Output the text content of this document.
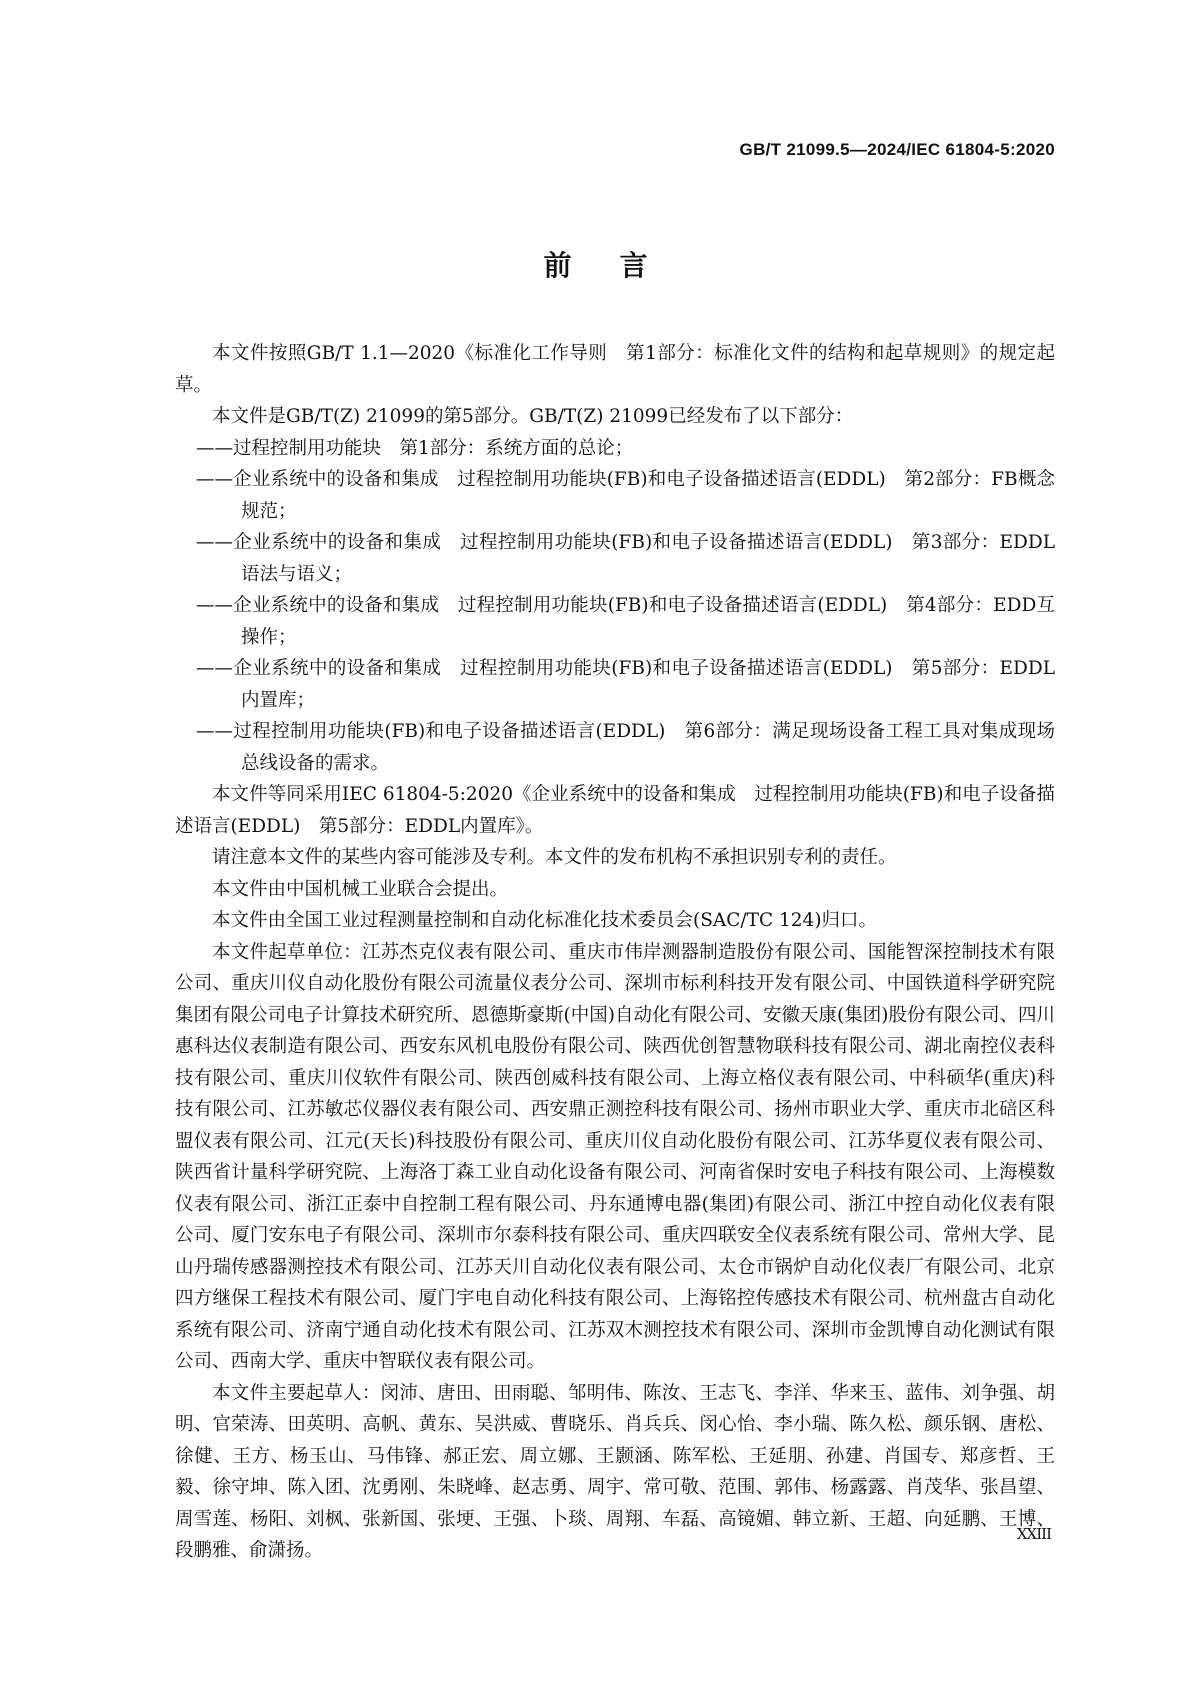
GB/T 21099.5—2024/IEC 61804-5:2020
前言

本文件按照GB/T 1.1—2020《标准化工作导则　第1部分：标准化文件的结构和起草规则》的规定起草。

本文件是GB/T(Z) 21099的第5部分。GB/T(Z) 21099已经发布了以下部分：

——过程控制用功能块　第1部分：系统方面的总论；

——企业系统中的设备和集成　过程控制用功能块(FB)和电子设备描述语言(EDDL)　第2部分：FB概念规范；

——企业系统中的设备和集成　过程控制用功能块(FB)和电子设备描述语言(EDDL)　第3部分：EDDL语法与语义；

——企业系统中的设备和集成　过程控制用功能块(FB)和电子设备描述语言(EDDL)　第4部分：EDD互操作；

——企业系统中的设备和集成　过程控制用功能块(FB)和电子设备描述语言(EDDL)　第5部分：EDDL内置库；

——过程控制用功能块(FB)和电子设备描述语言(EDDL)　第6部分：满足现场设备工程工具对集成现场总线设备的需求。

本文件等同采用IEC 61804-5:2020《企业系统中的设备和集成　过程控制用功能块(FB)和电子设备描述语言(EDDL)　第5部分：EDDL内置库》。

请注意本文件的某些内容可能涉及专利。本文件的发布机构不承担识别专利的责任。

本文件由中国机械工业联合会提出。

本文件由全国工业过程测量控制和自动化标准化技术委员会(SAC/TC 124)归口。

本文件起草单位：江苏杰克仪表有限公司、重庆市伟岸测器制造股份有限公司、国能智深控制技术有限公司、重庆川仪自动化股份有限公司流量仪表分公司、深圳市标利科技开发有限公司、中国铁道科学研究院集团有限公司电子计算技术研究所、恩德斯豪斯(中国)自动化有限公司、安徽天康(集团)股份有限公司、四川惠科达仪表制造有限公司、西安东风机电股份有限公司、陕西优创智慧物联科技有限公司、湖北南控仪表科技有限公司、重庆川仪软件有限公司、陕西创威科技有限公司、上海立格仪表有限公司、中科硕华(重庆)科技有限公司、江苏敏芯仪器仪表有限公司、西安鼎正测控科技有限公司、扬州市职业大学、重庆市北碚区科盟仪表有限公司、江元(天长)科技股份有限公司、重庆川仪自动化股份有限公司、江苏华夏仪表有限公司、陕西省计量科学研究院、上海洛丁森工业自动化设备有限公司、河南省保时安电子科技有限公司、上海模数仪表有限公司、浙江正泰中自控制工程有限公司、丹东通博电器(集团)有限公司、浙江中控自动化仪表有限公司、厦门安东电子有限公司、深圳市尔泰科技有限公司、重庆四联安全仪表系统有限公司、常州大学、昆山丹瑞传感器测控技术有限公司、江苏天川自动化仪表有限公司、太仓市锅炉自动化仪表厂有限公司、北京四方继保工程技术有限公司、厦门宇电自动化科技有限公司、上海铭控传感技术有限公司、杭州盘古自动化系统有限公司、济南宁通自动化技术有限公司、江苏双木测控技术有限公司、深圳市金凯博自动化测试有限公司、西南大学、重庆中智联仪表有限公司。

本文件主要起草人：闵沛、唐田、田雨聪、邹明伟、陈汝、王志飞、李洋、华来玉、蓝伟、刘争强、胡明、官荣涛、田英明、高帆、黄东、吴洪威、曹晓乐、肖兵兵、闵心怡、李小瑞、陈久松、颜乐钢、唐松、徐健、王方、杨玉山、马伟锋、郝正宏、周立娜、王颢涵、陈军松、王延朋、孙建、肖国专、郑彦哲、王毅、徐守坤、陈入团、沈勇刚、朱晓峰、赵志勇、周宇、常可敬、范围、郭伟、杨露露、肖茂华、张昌望、周雪莲、杨阳、刘枫、张新国、张埂、王强、卜琰、周翔、车磊、高镜媚、韩立新、王超、向延鹏、王博、段鹏雅、俞潇扬。

XXIII
